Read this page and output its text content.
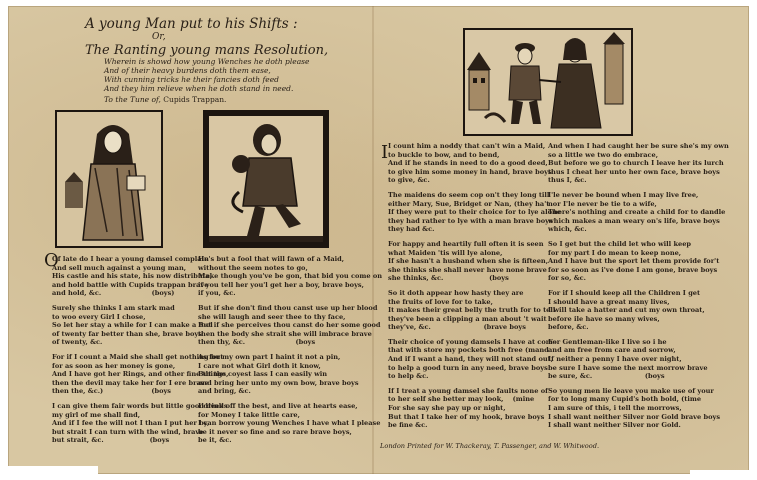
A young Man put to his Shifts :
Or,
The Ranting young mans Resolution,
Wherein is showd how young Wenches he doth please
And of their heavy burdens doth them ease,
With cunning tricks he their fancies doth feed
And they him relieve when he doth stand in need.
To the Tune of, Cupids Trappan.
O
I
Of late do I hear a young damsel complain
And sell much against a young man,
His castle and his state, his now distribute,
and hold battle with Cupids trappan brave
and hold, &c.                      (boys)

Surely she thinks I am stark mad
to woo every Girl I chose,
So let her stay a while for I can make a fool
of twenty far better than she, brave boys
of twenty, &c.

For if I count a Maid she shall get nothing but
for as soon as her money is gone,
And I have got her Rings, and other fine things,
then the devil may take her for I ere brave
then the, &c.)                     (boys

I can give them fair words but little good deeds
my girl of me shall find,
And if I fee the will not I than I put her by,
but strait I can turn with the wind, brave
but strait, &c.                    (boys
He's but a fool that will fawn of a Maid,
without the seem notes to go,
Make though you've be gon, that bid you come on
if you tell her you'l get her a boy, brave boys,
if you, &c.

But if she don't find thou canst use up her blood
she will laugh and seer thee to thy face,
But if she perceives thou canst do her some good
then the body she strait she will imbrace brave
then thy, &c.                      (boys

As for my own part I haint it not a pin,
I care not what Girl doth it know,
But the coyest lass I can easily win
and bring her unto my own bow, brave boys
and bring, &c.

I drink off the best, and live at hearts ease,
for Money I take little care,
I can borrow young Wenches I have what I please
be it never so fine and so rare brave boys,
be it, &c.
I count him a noddy that can't win a Maid,
to buckle to bow, and to bend,
And if he stands in need to do a good deed,
to give him some money in hand, brave boys
to give, &c.

The maidens do seem cop on't they long till
either Mary, Sue, Bridget or Nan, (they ha't
If they were put to their choice for to lye alone
they had rather to lye with a man brave boys
they had &c.

For happy and heartily full often it is seen
what Maiden 'tis will lye alone,
If she hasn't a husband when she is fifteen,
she thinks she shall never have none brave
she thinks, &c.                    (boys

So it doth appear how hasty they are
the fruits of love for to take,
It makes their great belly the truth for to tell
they've been a clipping a man about 't wait
they've, &c.                       (brave boys

Their choice of young damsels I have at com-
that with store my pockets both free (mand
And if I want a hand, they will not stand out,
to help a good turn in any need, brave boys
to help &c.

If I treat a young damsel she faults none of
to her self she better may look,    (mine
For she say she pay up or night,
But that I take her of my hook, brave boys
be fine &c.
And when I had caught her be sure she's my own
so a little we two do embrace,
But before we go to church I leave her its lurch
thus I cheat her unto her own face, brave boys
thus I, &c.

I'le never be bound when I may live free,
nor I'le never be tie to a wife,
There's nothing and create a child for to dandle
which makes a man weary on's life, brave boys
which, &c.

So I get but the child let who will keep
for my part I do mean to keep none,
And I have but the sport let them provide for't
for so soon as i've done I am gone, brave boys
for so, &c.

For if I should keep all the Children I get
I should have a great many lives,
I will take a hatter and cut my own throat,
before ile have so many wives,
before, &c.

For Gentleman-like I live so i he
and am free from care and sorrow,
If neither a penny I have over night,
be sure I have some the next morrow brave
be sure, &c.                       (boys

So young men lie leave you make use of your
for to long many Cupid's both bold, (time
I am sure of this, i tell the morrows,
I shall want neither Silver nor Gold brave boys
I shall want neither Silver nor Gold.
London Printed for W. Thackeray, T. Passenger, and W. Whitwood.
